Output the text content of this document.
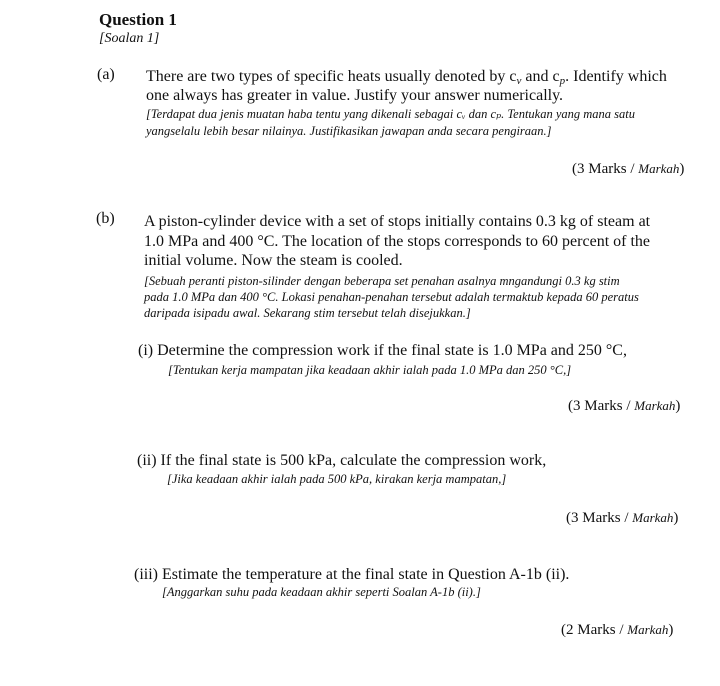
Question 1
[Soalan 1]
(a) There are two types of specific heats usually denoted by $c_v$ and $c_p$. Identify which
one always has greater in value. Justify your answer numerically.
[Terdapat dua jenis muatan haba tentu yang dikenali sebagai cᵥ dan cₚ. Tentukan yang mana satu
yangselalu lebih besar nilainya. Justifikasikan jawapan anda secara pengiraan.]
(3 Marks / Markah)
(b) A piston-cylinder device with a set of stops initially contains 0.3 kg of steam at
1.0 MPa and 400 °C. The location of the stops corresponds to 60 percent of the
initial volume. Now the steam is cooled.
[Sebuah peranti piston-silinder dengan beberapa set penahan asalnya mngandungi 0.3 kg stim
pada 1.0 MPa dan 400 °C. Lokasi penahan-penahan tersebut adalah termaktub kepada 60 peratus
daripada isipadu awal. Sekarang stim tersebut telah disejukkan.]
(i) Determine the compression work if the final state is 1.0 MPa and 250 °C,
[Tentukan kerja mampatan jika keadaan akhir ialah pada 1.0 MPa dan 250 °C,]
(3 Marks / Markah)
(ii) If the final state is 500 kPa, calculate the compression work,
[Jika keadaan akhir ialah pada 500 kPa, kirakan kerja mampatan,]
(3 Marks / Markah)
(iii) Estimate the temperature at the final state in Question A-1b (ii).
[Anggarkan suhu pada keadaan akhir seperti Soalan A-1b (ii).]
(2 Marks / Markah)
